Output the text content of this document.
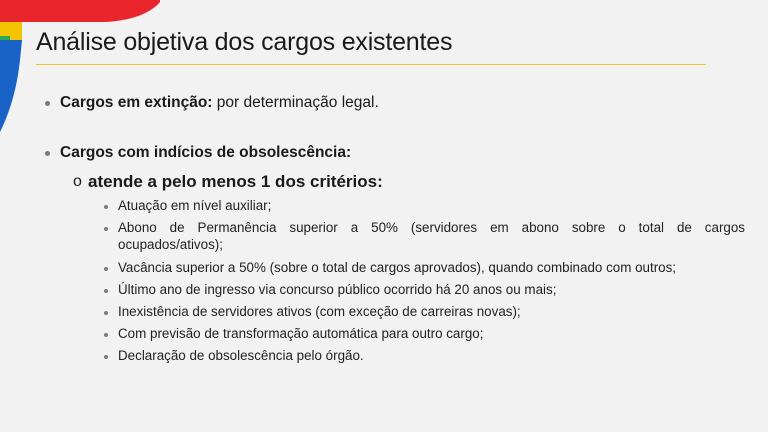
Análise objetiva dos cargos existentes
Cargos em extinção: por determinação legal.
Cargos com indícios de obsolescência:
o atende a pelo menos 1 dos critérios:
Atuação em nível auxiliar;
Abono de Permanência superior a 50% (servidores em abono sobre o total de cargos
ocupados/ativos);
Vacância superior a 50% (sobre o total de cargos aprovados), quando combinado com outros;
Último ano de ingresso via concurso público ocorrido há 20 anos ou mais;
Inexistência de servidores ativos (com exceção de carreiras novas);
Com previsão de transformação automática para outro cargo;
Declaração de obsolescência pelo órgão.
